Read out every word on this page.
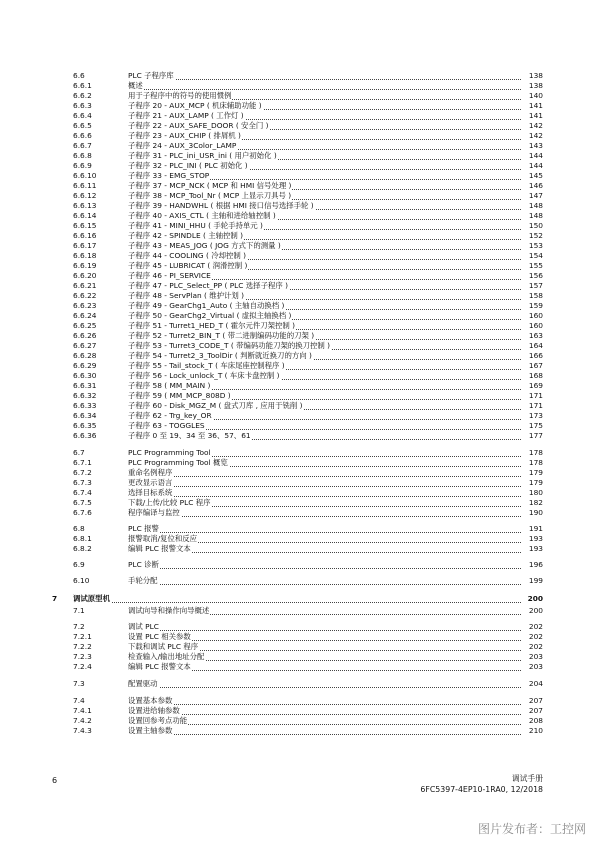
6.6	PLC 子程序库	138
6.6.1	概述	138
6.6.2	用于子程序中的符号的使用惯例	140
6.6.3	子程序 20 - AUX_MCP ( 机床辅助功能 )	141
6.6.4	子程序 21 - AUX_LAMP ( 工作灯 )	141
6.6.5	子程序 22 - AUX_SAFE_DOOR ( 安全门 )	142
6.6.6	子程序 23 - AUX_CHIP ( 排屑机 )	142
6.6.7	子程序 24 - AUX_3Color_LAMP	143
6.6.8	子程序 31 - PLC_ini_USR_ini ( 用户初始化 )	144
6.6.9	子程序 32 - PLC_INI ( PLC 初始化 )	144
6.6.10	子程序 33 - EMG_STOP	145
6.6.11	子程序 37 - MCP_NCK ( MCP 和 HMI 信号处理 )	146
6.6.12	子程序 38 - MCP_Tool_Nr ( MCP 上显示刀具号 )	147
6.6.13	子程序 39 - HANDWHL ( 根据 HMI 接口信号选择手轮 )	148
6.6.14	子程序 40 - AXIS_CTL ( 主轴和进给轴控制 )	148
6.6.15	子程序 41 - MINI_HHU ( 手轮手持单元 )	150
6.6.16	子程序 42 - SPINDLE ( 主轴控制 )	152
6.6.17	子程序 43 - MEAS_JOG ( JOG 方式下的测量 )	153
6.6.18	子程序 44 - COOLING ( 冷却控制 )	154
6.6.19	子程序 45 - LUBRICAT ( 润滑控制 )	155
6.6.20	子程序 46 - PI_SERVICE	156
6.6.21	子程序 47 - PLC_Select_PP ( PLC 选择子程序 )	157
6.6.22	子程序 48 - ServPlan ( 维护计划 )	158
6.6.23	子程序 49 - GearChg1_Auto ( 主轴自动换档 )	159
6.6.24	子程序 50 - GearChg2_Virtual ( 虚拟主轴换档 )	160
6.6.25	子程序 51 - Turret1_HED_T ( 霍尔元件刀架控制 )	160
6.6.26	子程序 52 - Turret2_BIN_T ( 带二进制编码功能的刀架 )	163
6.6.27	子程序 53 - Turret3_CODE_T ( 带编码功能刀架的换刀控制 )	164
6.6.28	子程序 54 - Turret2_3_ToolDir ( 判断就近换刀的方向 )	166
6.6.29	子程序 55 - Tail_stock_T ( 车床尾座控制程序 )	167
6.6.30	子程序 56 - Lock_unlock_T ( 车床卡盘控制 )	168
6.6.31	子程序 58 ( MM_MAIN )	169
6.6.32	子程序 59 ( MM_MCP_808D )	171
6.6.33	子程序 60 - Disk_MGZ_M ( 盘式刀库 , 应用于铣削 )	171
6.6.34	子程序 62 - Trg_key_OR	173
6.6.35	子程序 63 - TOGGLES	175
6.6.36	子程序 0 至 19、34 至 36、57、61	177
6.7	PLC Programming Tool	178
6.7.1	PLC Programming Tool 概览	178
6.7.2	重命名例程序	179
6.7.3	更改显示语言	179
6.7.4	选择目标系统	180
6.7.5	下载/上传/比较 PLC 程序	182
6.7.6	程序编译与监控	190
6.8	PLC 报警	191
6.8.1	报警取消/复位和反应	193
6.8.2	编辑 PLC 报警文本	193
6.9	PLC 诊断	196
6.10	手轮分配	199
7 调试原型机	200
7.1	调试向导和操作向导概述	200
7.2	调试 PLC	202
7.2.1	设置 PLC 相关参数	202
7.2.2	下载和调试 PLC 程序	202
7.2.3	检查输入/输出地址分配	203
7.2.4	编辑 PLC 报警文本	203
7.3	配置驱动	204
7.4	设置基本参数	207
7.4.1	设置进给轴参数	207
7.4.2	设置回参考点功能	208
7.4.3	设置主轴参数	210
6	调试手册
6FC5397-4EP10-1RA0, 12/2018
图片发布者：工控网
